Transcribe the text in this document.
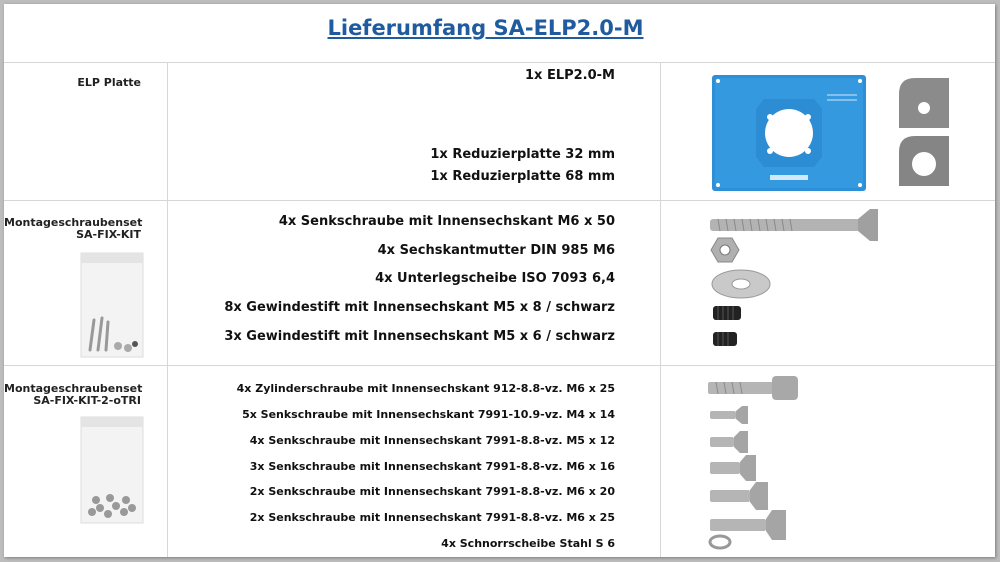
Lieferumfang SA-ELP2.0-M
ELP Platte	1x ELP2.0-M
1x Reduzierplatte 32 mm
1x Reduzierplatte 68 mm
Montageschraubenset
SA-FIX-KIT
4x Senkschraube mit Innensechskant M6 x 50
4x Sechskantmutter DIN 985 M6
4x Unterlegscheibe ISO 7093 6,4
8x Gewindestift mit Innensechskant M5 x 8 / schwarz
3x Gewindestift mit Innensechskant M5 x 6 / schwarz
Montageschraubenset
SA-FIX-KIT-2-oTRI
4x Zylinderschraube mit Innensechskant 912-8.8-vz. M6 x 25
5x Senkschraube mit Innensechskant 7991-10.9-vz. M4 x 14
4x Senkschraube mit Innensechskant 7991-8.8-vz. M5 x 12
3x Senkschraube mit Innensechskant 7991-8.8-vz. M6 x 16
2x Senkschraube mit Innensechskant 7991-8.8-vz. M6 x 20
2x Senkschraube mit Innensechskant 7991-8.8-vz. M6 x 25
4x Schnorrscheibe Stahl S 6
